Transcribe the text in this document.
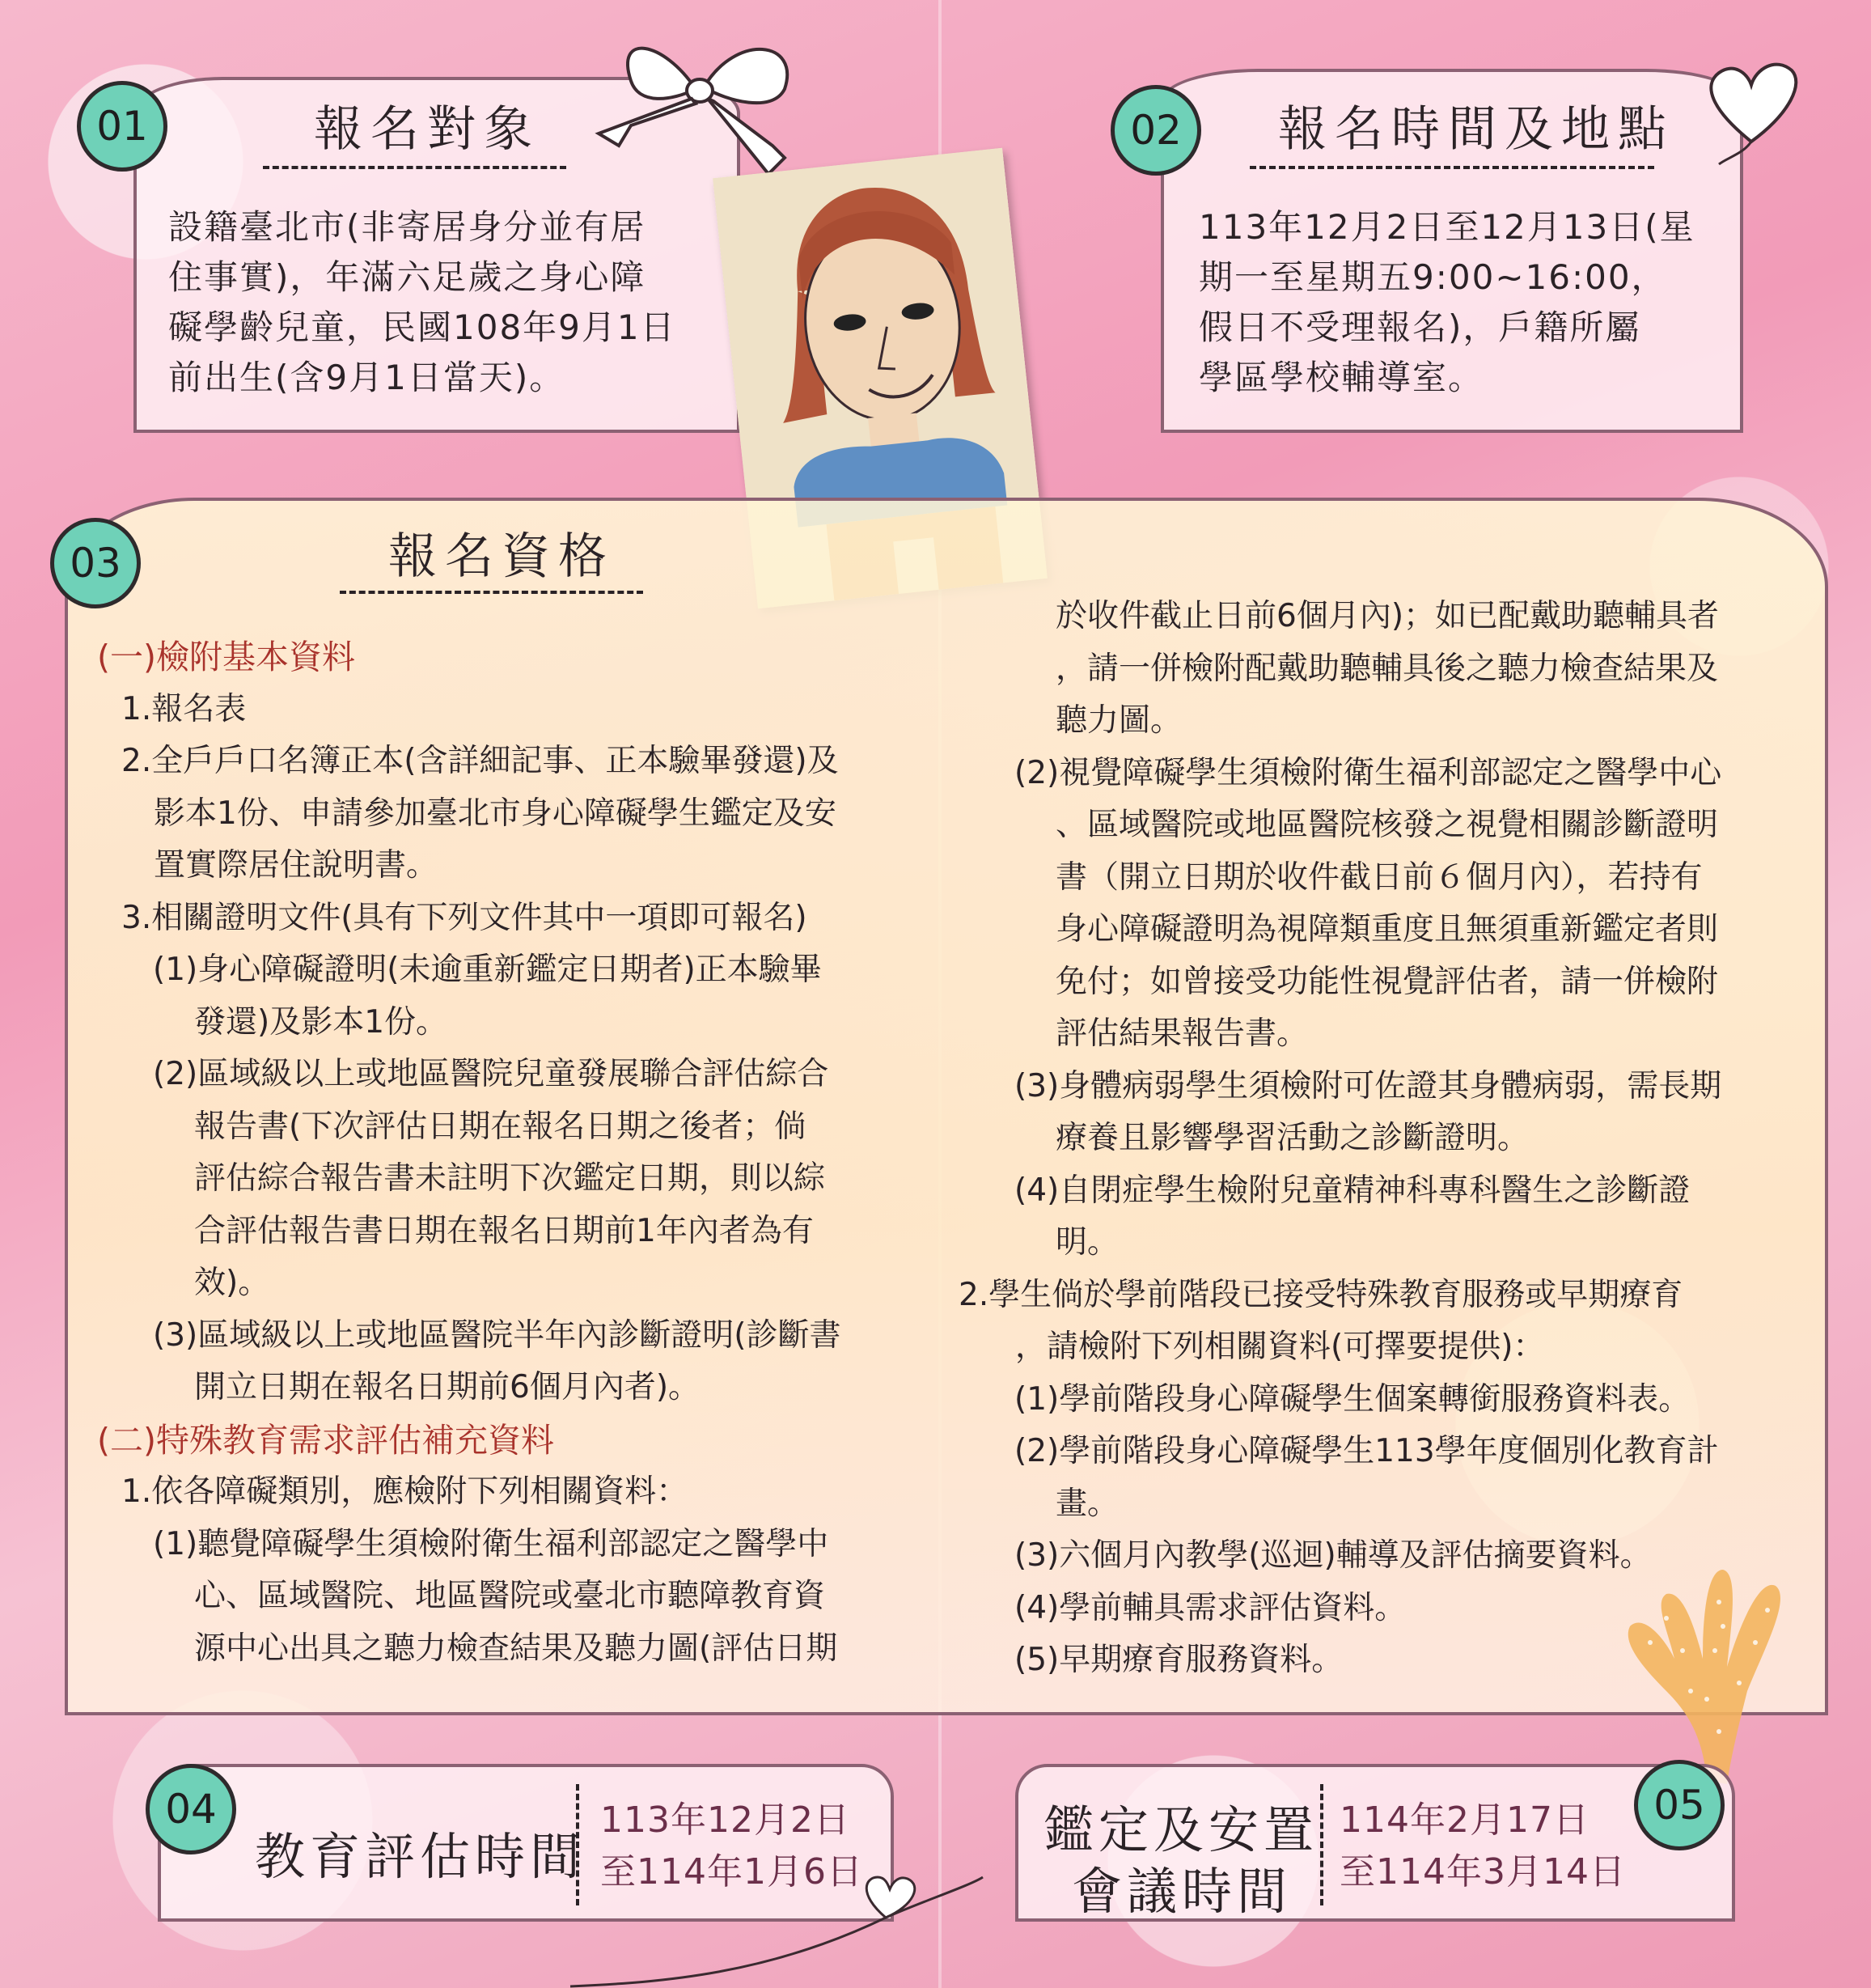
01	報名對象

設籍臺北市(非寄居身分並有居

住事實)，年滿六足歲之身心障

礙學齡兒童，民國108年9月1日

前出生(含9月1日當天)。

02	報名時間及地點

113年12月2日至12月13日(星

期一至星期五9:00~16:00，

假日不受理報名)，戶籍所屬

學區學校輔導室。

03	報名資格

(一)檢附基本資料

1.報名表

2.全戶戶口名簿正本(含詳細記事、正本驗畢發還)及

影本1份、申請參加臺北市身心障礙學生鑑定及安

置實際居住說明書。

3.相關證明文件(具有下列文件其中一項即可報名)

(1)身心障礙證明(未逾重新鑑定日期者)正本驗畢

發還)及影本1份。

(2)區域級以上或地區醫院兒童發展聯合評估綜合

報告書(下次評估日期在報名日期之後者；倘

評估綜合報告書未註明下次鑑定日期，則以綜

合評估報告書日期在報名日期前1年內者為有

效)。

(3)區域級以上或地區醫院半年內診斷證明(診斷書

開立日期在報名日期前6個月內者)。

(二)特殊教育需求評估補充資料

1.依各障礙類別，應檢附下列相關資料：

(1)聽覺障礙學生須檢附衛生福利部認定之醫學中

心、區域醫院、地區醫院或臺北市聽障教育資

源中心出具之聽力檢查結果及聽力圖(評估日期

於收件截止日前6個月內)；如已配戴助聽輔具者

，請一併檢附配戴助聽輔具後之聽力檢查結果及

聽力圖。

(2)視覺障礙學生須檢附衛生福利部認定之醫學中心

、區域醫院或地區醫院核發之視覺相關診斷證明

書（開立日期於收件截日前６個月內），若持有

身心障礙證明為視障類重度且無須重新鑑定者則

免付；如曾接受功能性視覺評估者，請一併檢附

評估結果報告書。

(3)身體病弱學生須檢附可佐證其身體病弱，需長期

療養且影響學習活動之診斷證明。

(4)自閉症學生檢附兒童精神科專科醫生之診斷證

明。

2.學生倘於學前階段已接受特殊教育服務或早期療育

，請檢附下列相關資料(可擇要提供)：

(1)學前階段身心障礙學生個案轉銜服務資料表。

(2)學前階段身心障礙學生113學年度個別化教育計

畫。

(3)六個月內教學(巡迴)輔導及評估摘要資料。

(4)學前輔具需求評估資料。

(5)早期療育服務資料。

04
教育評估時間
113年12月2日
至114年1月6日
05
鑑定及安置
會議時間
114年2月17日
至114年3月14日
